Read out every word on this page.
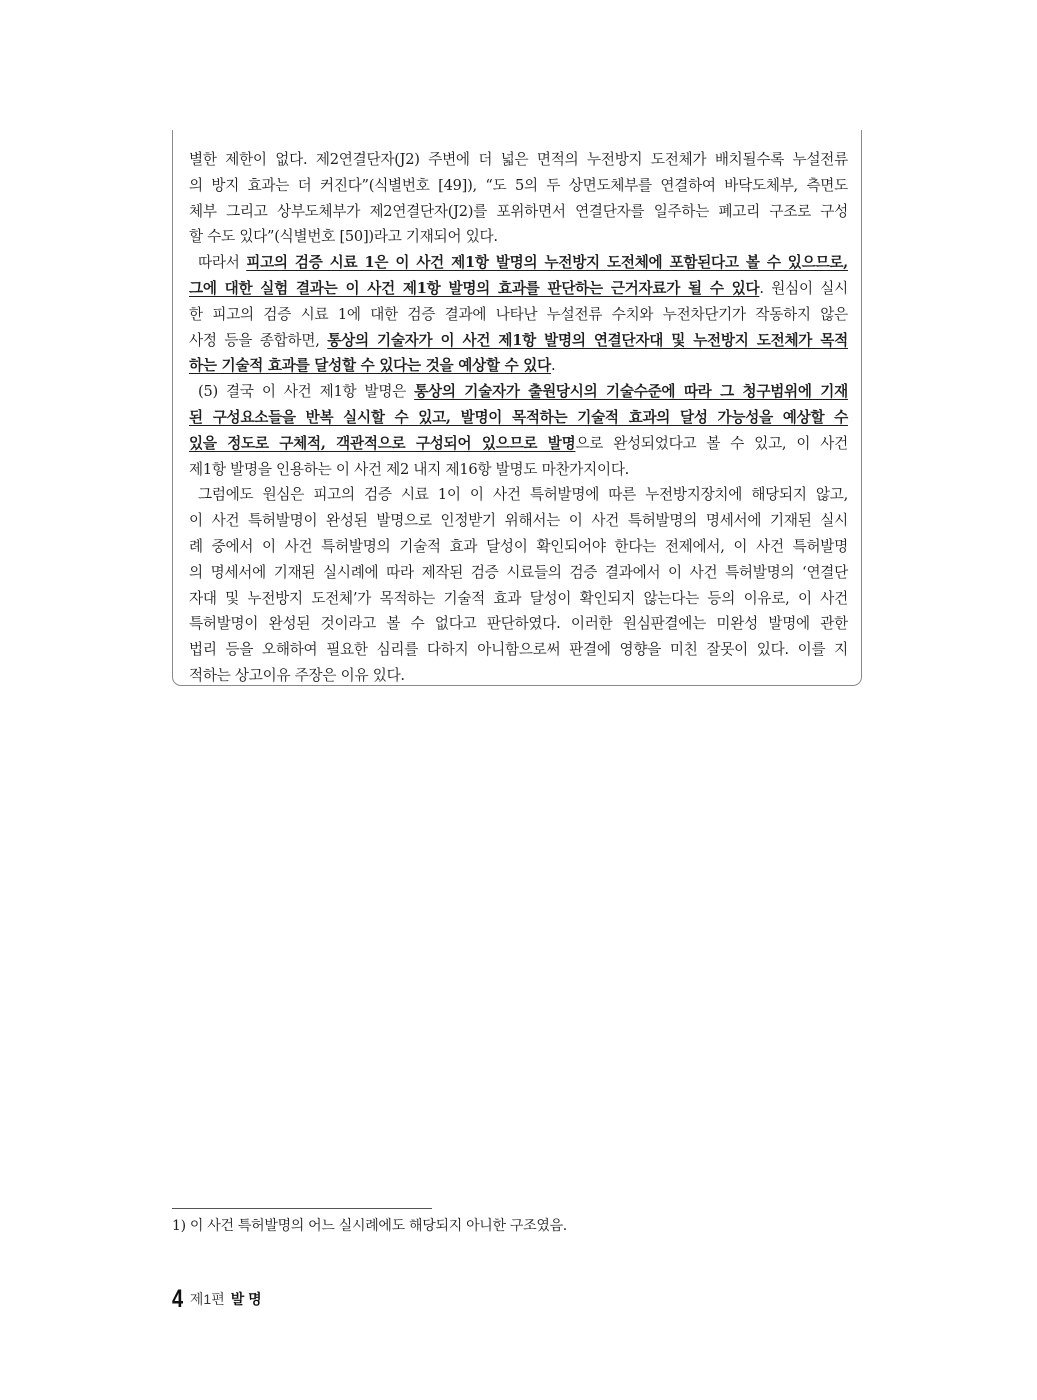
별한 제한이 없다. 제2연결단자(J2) 주변에 더 넓은 면적의 누전방지 도전체가 배치될수록 누설전류
의 방지 효과는 더 커진다”(식별번호 [49]), “도 5의 두 상면도체부를 연결하여 바닥도체부, 측면도
체부 그리고 상부도체부가 제2연결단자(J2)를 포위하면서 연결단자를 일주하는 폐고리 구조로 구성
할 수도 있다”(식별번호 [50])라고 기재되어 있다.
따라서 피고의 검증 시료 1은 이 사건 제1항 발명의 누전방지 도전체에 포함된다고 볼 수 있으므로,
그에 대한 실험 결과는 이 사건 제1항 발명의 효과를 판단하는 근거자료가 될 수 있다. 원심이 실시
한 피고의 검증 시료 1에 대한 검증 결과에 나타난 누설전류 수치와 누전차단기가 작동하지 않은
사정 등을 종합하면, 통상의 기술자가 이 사건 제1항 발명의 연결단자대 및 누전방지 도전체가 목적
하는 기술적 효과를 달성할 수 있다는 것을 예상할 수 있다.
(5) 결국 이 사건 제1항 발명은 통상의 기술자가 출원당시의 기술수준에 따라 그 청구범위에 기재
된 구성요소들을 반복 실시할 수 있고, 발명이 목적하는 기술적 효과의 달성 가능성을 예상할 수
있을 정도로 구체적, 객관적으로 구성되어 있으므로 발명으로 완성되었다고 볼 수 있고, 이 사건
제1항 발명을 인용하는 이 사건 제2 내지 제16항 발명도 마찬가지이다.
그럼에도 원심은 피고의 검증 시료 1이 이 사건 특허발명에 따른 누전방지장치에 해당되지 않고,
이 사건 특허발명이 완성된 발명으로 인정받기 위해서는 이 사건 특허발명의 명세서에 기재된 실시
례 중에서 이 사건 특허발명의 기술적 효과 달성이 확인되어야 한다는 전제에서, 이 사건 특허발명
의 명세서에 기재된 실시례에 따라 제작된 검증 시료들의 검증 결과에서 이 사건 특허발명의 ‘연결단
자대 및 누전방지 도전체’가 목적하는 기술적 효과 달성이 확인되지 않는다는 등의 이유로, 이 사건
특허발명이 완성된 것이라고 볼 수 없다고 판단하였다. 이러한 원심판결에는 미완성 발명에 관한
법리 등을 오해하여 필요한 심리를 다하지 아니함으로써 판결에 영향을 미친 잘못이 있다. 이를 지
적하는 상고이유 주장은 이유 있다.
1) 이 사건 특허발명의 어느 실시례에도 해당되지 아니한 구조였음.
4 제1편 발 명
